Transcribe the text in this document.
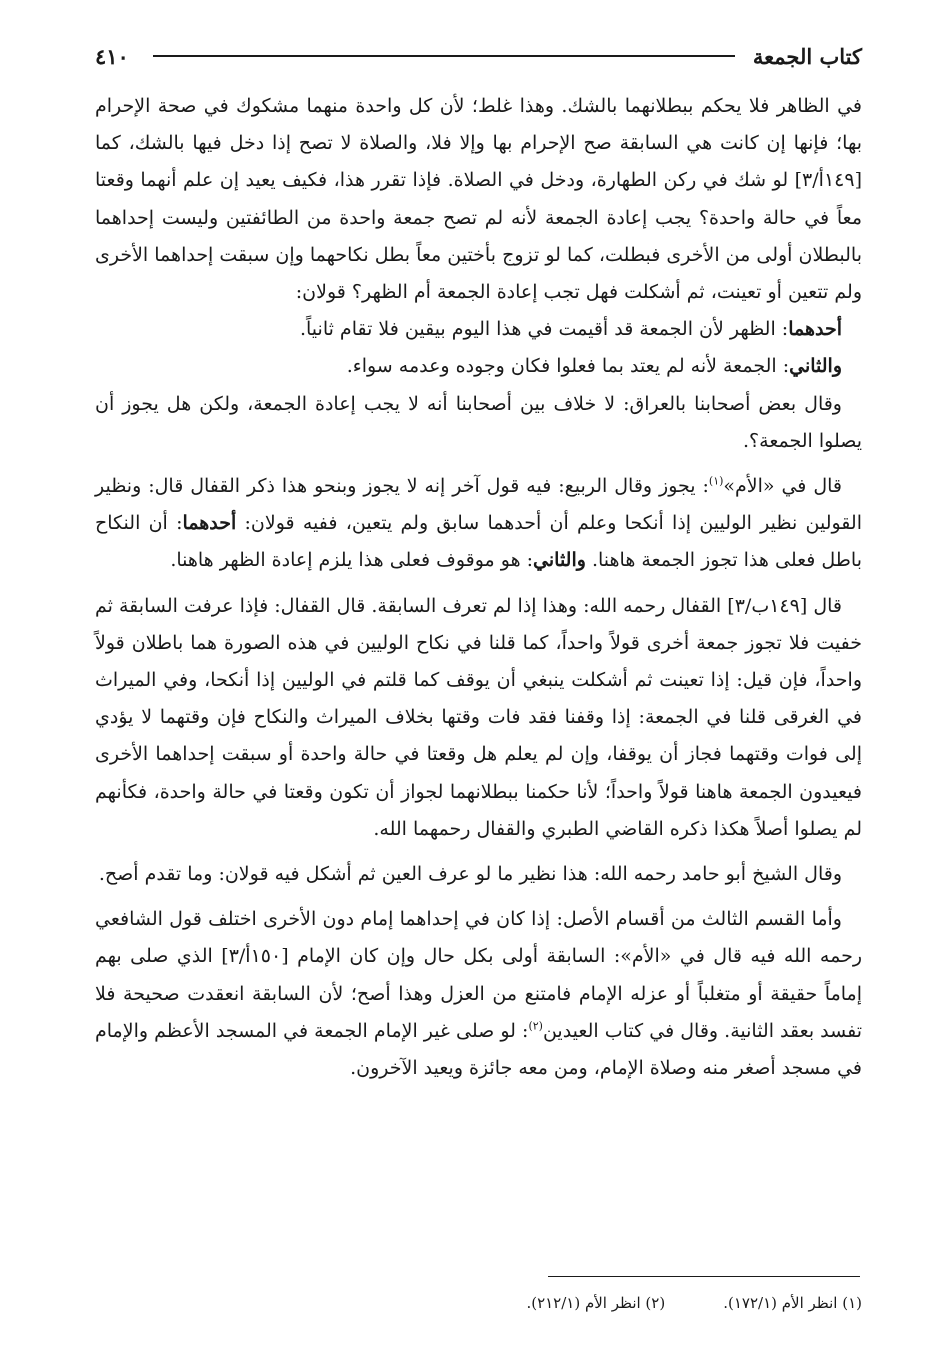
٤١٠	كتاب الجمعة

في الظاهر فلا يحكم ببطلانهما بالشك. وهذا غلط؛ لأن كل واحدة منهما مشكوك في صحة الإحرام بها؛ فإنها إن كانت هي السابقة صح الإحرام بها وإلا فلا، والصلاة لا تصح إذا دخل فيها بالشك، كما [١٤٩أ/٣] لو شك في ركن الطهارة، ودخل في الصلاة. فإذا تقرر هذا، فكيف يعيد إن علم أنهما وقعتا معاً في حالة واحدة؟ يجب إعادة الجمعة لأنه لم تصح جمعة واحدة من الطائفتين وليست إحداهما بالبطلان أولى من الأخرى فبطلت، كما لو تزوج بأختين معاً بطل نكاحهما وإن سبقت إحداهما الأخرى ولم تتعين أو تعينت، ثم أشكلت فهل تجب إعادة الجمعة أم الظهر؟ قولان:

أحدهما: الظهر لأن الجمعة قد أقيمت في هذا اليوم بيقين فلا تقام ثانياً.

والثاني: الجمعة لأنه لم يعتد بما فعلوا فكان وجوده وعدمه سواء.

وقال بعض أصحابنا بالعراق: لا خلاف بين أصحابنا أنه لا يجب إعادة الجمعة، ولكن هل يجوز أن يصلوا الجمعة؟.

قال في «الأم»$^{(١)}$: يجوز وقال الربيع: فيه قول آخر إنه لا يجوز وبنحو هذا ذكر القفال قال: ونظير القولين نظير الوليين إذا أنكحا وعلم أن أحدهما سابق ولم يتعين، ففيه قولان: أحدهما: أن النكاح باطل فعلى هذا تجوز الجمعة هاهنا. والثاني: هو موقوف فعلى هذا يلزم إعادة الظهر هاهنا.

قال [١٤٩ب/٣] القفال رحمه الله: وهذا إذا لم تعرف السابقة. قال القفال: فإذا عرفت السابقة ثم خفيت فلا تجوز جمعة أخرى قولاً واحداً، كما قلنا في نكاح الوليين في هذه الصورة هما باطلان قولاً واحداً، فإن قيل: إذا تعينت ثم أشكلت ينبغي أن يوقف كما قلتم في الوليين إذا أنكحا، وفي الميراث في الغرقى قلنا في الجمعة: إذا وقفنا فقد فات وقتها بخلاف الميراث والنكاح فإن وقتهما لا يؤدي إلى فوات وقتهما فجاز أن يوقفا، وإن لم يعلم هل وقعتا في حالة واحدة أو سبقت إحداهما الأخرى فيعيدون الجمعة هاهنا قولاً واحداً؛ لأنا حكمنا ببطلانهما لجواز أن تكون وقعتا في حالة واحدة، فكأنهم لم يصلوا أصلاً هكذا ذكره القاضي الطبري والقفال رحمهما الله.

وقال الشيخ أبو حامد رحمه الله: هذا نظير ما لو عرف العين ثم أشكل فيه قولان: وما تقدم أصح.

وأما القسم الثالث من أقسام الأصل: إذا كان في إحداهما إمام دون الأخرى اختلف قول الشافعي رحمه الله فيه قال في «الأم»: السابقة أولى بكل حال وإن كان الإمام [١٥٠أ/٣] الذي صلى بهم إماماً حقيقة أو متغلباً أو عزله الإمام فامتنع من العزل وهذا أصح؛ لأن السابقة انعقدت صحيحة فلا تفسد بعقد الثانية. وقال في كتاب العيدين$^{(٢)}$: لو صلى غير الإمام الجمعة في المسجد الأعظم والإمام في مسجد أصغر منه وصلاة الإمام، ومن معه جائزة ويعيد الآخرون.

(١) انظر الأم (١٧٢/١).
(٢) انظر الأم (٢١٢/١).
